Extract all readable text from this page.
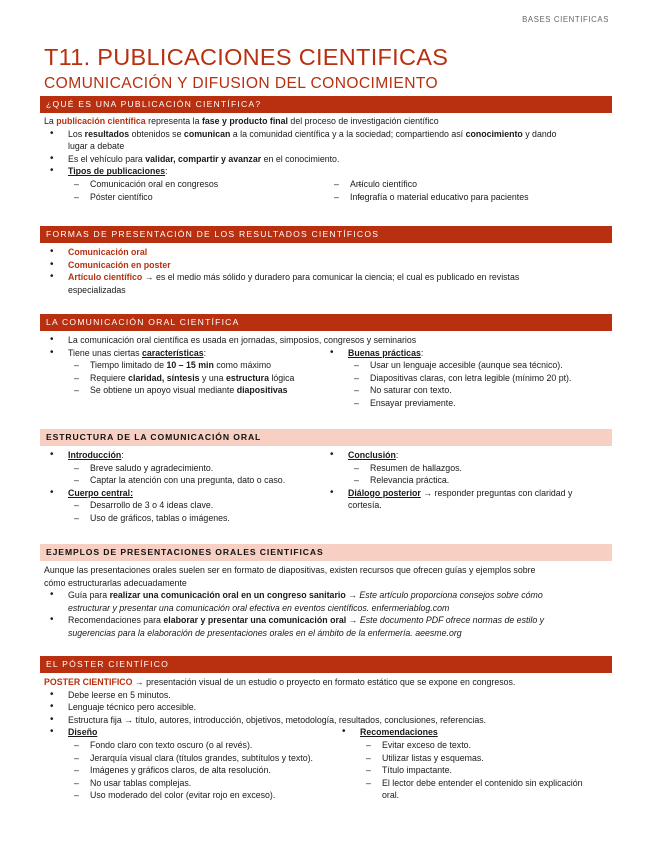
BASES CIENTIFICAS
T11. PUBLICACIONES CIENTIFICAS
COMUNICACIÓN Y DIFUSION DEL CONOCIMIENTO
¿QUÉ ES UNA PUBLICACIÓN CIENTÍFICA?
La publicación científica representa la fase y producto final del proceso de investigación científico
• Los resultados obtenidos se comunican a la comunidad científica y a la sociedad; compartiendo así conocimiento y dando
lugar a debate
• Es el vehículo para validar, compartir y avanzar en el conocimiento.
• Tipos de publicaciones:
– Comunicación oral en congresos
– Póster científico
– – Artículo científico
– – Infografía o material educativo para pacientes
FORMAS DE PRESENTACIÓN DE LOS RESULTADOS CIENTÍFICOS
• Comunicación oral
• Comunicación en poster
• Artículo científico → es el medio más sólido y duradero para comunicar la ciencia; el cual es publicado en revistas
especializadas
LA COMUNICACIÓN ORAL CIENTÍFICA
• La comunicación oral científica es usada en jornadas, simposios, congresos y seminarios
• Tiene unas ciertas características:
– Tiempo limitado de 10 – 15 min como máximo
– Requiere claridad, síntesis y una estructura lógica
– Se obtiene un apoyo visual mediante diapositivas
• Buenas prácticas:
– Usar un lenguaje accesible (aunque sea técnico).
– Diapositivas claras, con letra legible (mínimo 20 pt).
– No saturar con texto.
– Ensayar previamente.
ESTRUCTURA DE LA COMUNICACIÓN ORAL
• Introducción:
– Breve saludo y agradecimiento.
– Captar la atención con una pregunta, dato o caso.
• Cuerpo central:
– Desarrollo de 3 o 4 ideas clave.
– Uso de gráficos, tablas o imágenes.
• Conclusión:
– Resumen de hallazgos.
– Relevancia práctica.
• Diálogo posterior → responder preguntas con claridad y
cortesía.
EJEMPLOS DE PRESENTACIONES ORALES CIENTIFICAS
Aunque las presentaciones orales suelen ser en formato de diapositivas, existen recursos que ofrecen guías y ejemplos sobre
cómo estructurarlas adecuadamente
• Guía para realizar una comunicación oral en un congreso sanitario → Este artículo proporciona consejos sobre cómo
estructurar y presentar una comunicación oral efectiva en eventos científicos. enfermeriablog.com
• Recomendaciones para elaborar y presentar una comunicación oral → Este documento PDF ofrece normas de estilo y
sugerencias para la elaboración de presentaciones orales en el ámbito de la enfermería. aeesme.org
EL PÓSTER CIENTÍFICO
POSTER CIENTIFICO → presentación visual de un estudio o proyecto en formato estático que se expone en congresos.
• Debe leerse en 5 minutos.
• Lenguaje técnico pero accesible.
• Estructura fija → título, autores, introducción, objetivos, metodología, resultados, conclusiones, referencias.
• Diseño
– Fondo claro con texto oscuro (o al revés).
– Jerarquía visual clara (títulos grandes, subtítulos y texto).
– Imágenes y gráficos claros, de alta resolución.
– No usar tablas complejas.
– Uso moderado del color (evitar rojo en exceso).
• Recomendaciones
– Evitar exceso de texto.
– Utilizar listas y esquemas.
– Título impactante.
– El lector debe entender el contenido sin explicación
oral.
